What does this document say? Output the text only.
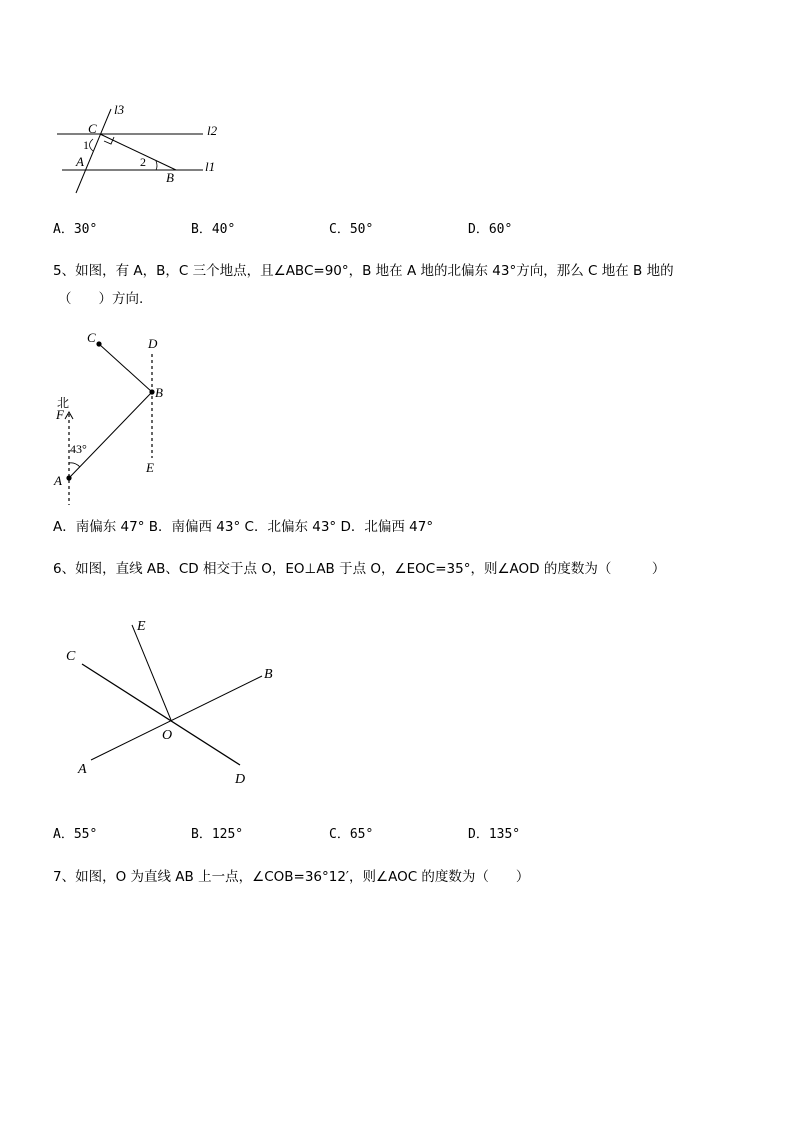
l3
l2
l1
C
1
A	2
B
A．30°	B．40°	C．50°	D．60°
5、如图，有 A，B，C 三个地点，且∠ABC=90°，B 地在 A 地的北偏东 43°方向，那么 C 地在 B 地的
（　　）方向.
C	D
B
北
F
43°
A
E
A．南偏东 47° B．南偏西 43° C．北偏东 43° D．北偏西 47°
6、如图，直线 AB、CD 相交于点 O，EO⊥AB 于点 O，∠EOC=35°，则∠AOD 的度数为（　　　）
E
C
B
O
A
D
A．55°	B．125°	C．65°	D．135°
7、如图，O 为直线 AB 上一点，∠COB=36°12′，则∠AOC 的度数为（　　）
